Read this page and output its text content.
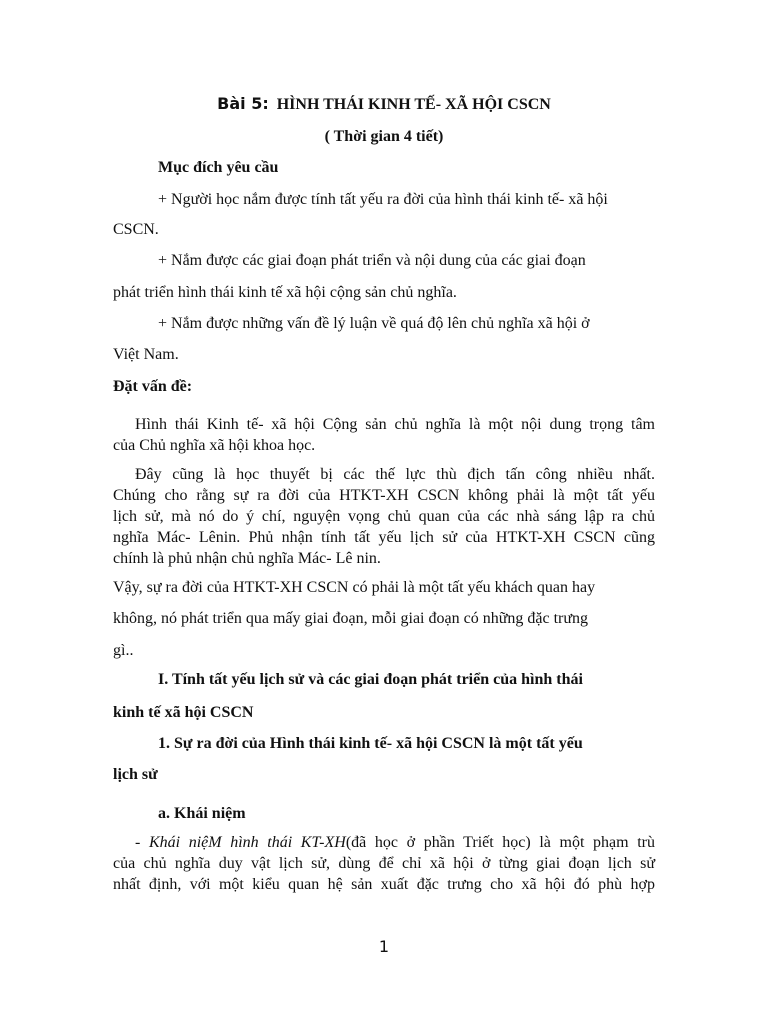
Bài 5: HÌNH THÁI KINH TẾ- XÃ HỘI CSCN

( Thời gian 4 tiết)

Mục đích yêu cầu

+ Người học nắm được tính tất yếu ra đời của hình thái kinh tế- xã hội

CSCN.

+ Nắm được các giai đoạn phát triển và nội dung của các giai đoạn

phát triển hình thái kinh tế xã hội cộng sản chủ nghĩa.

+ Nắm được những vấn đề lý luận về quá độ lên chủ nghĩa xã hội ở

Việt Nam.

Đặt vấn đề:

Hình thái Kinh tế- xã hội Cộng sản chủ nghĩa là một nội dung trọng tâm

của Chủ nghĩa xã hội khoa học.

Đây cũng là học thuyết bị các thế lực thù địch tấn công nhiều nhất.

Chúng cho rằng sự ra đời của HTKT-XH CSCN không phải là một tất yếu

lịch sử, mà nó do ý chí, nguyện vọng chủ quan của các nhà sáng lập ra chủ

nghĩa Mác- Lênin. Phủ nhận tính tất yếu lịch sử của HTKT-XH CSCN cũng

chính là phủ nhận chủ nghĩa Mác- Lê nin.

Vậy, sự ra đời của HTKT-XH CSCN có phải là một tất yếu khách quan hay

không, nó phát triển qua mấy giai đoạn, mỗi giai đoạn có những đặc trưng

gì..

I. Tính tất yếu lịch sử và các giai đoạn phát triển của hình thái

kinh tế xã hội CSCN

1. Sự ra đời của Hình thái kinh tế- xã hội CSCN là một tất yếu

lịch sử

a. Khái niệm

- Khái niệM hình thái KT-XH(đã học ở phần Triết học) là một phạm trù

của chủ nghĩa duy vật lịch sử, dùng để chỉ xã hội ở từng giai đoạn lịch sử

nhất định, với một kiểu quan hệ sản xuất đặc trưng cho xã hội đó phù hợp

1
